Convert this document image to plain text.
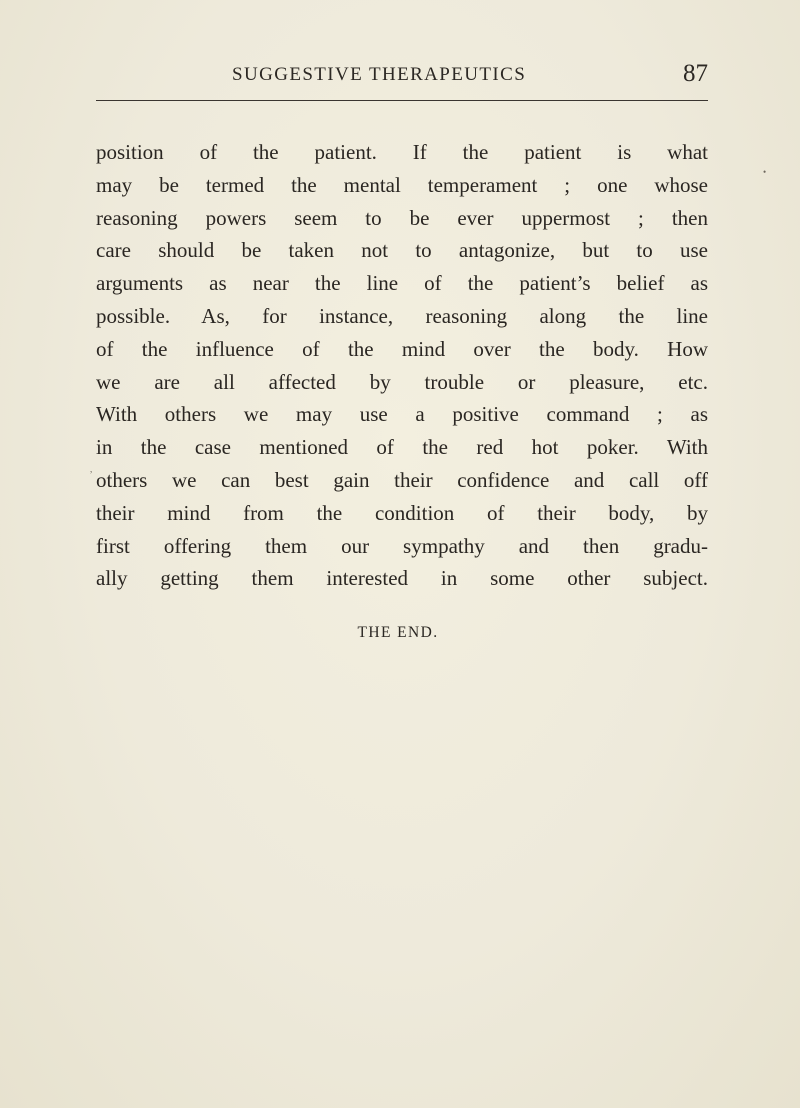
SUGGESTIVE THERAPEUTICS	87
position of the patient. If the patient is what
may be termed the mental temperament ; one whose
reasoning powers seem to be ever uppermost ; then
care should be taken not to antagonize, but to use
arguments as near the line of the patient’s belief as
possible. As, for instance, reasoning along the line
of the influence of the mind over the body. How
we are all affected by trouble or pleasure, etc.
With others we may use a positive command ; as
in the case mentioned of the red hot poker. With
others we can best gain their confidence and call off
their mind from the condition of their body, by
first offering them our sympathy and then gradu-
ally getting them interested in some other subject.
THE END.
•
,
